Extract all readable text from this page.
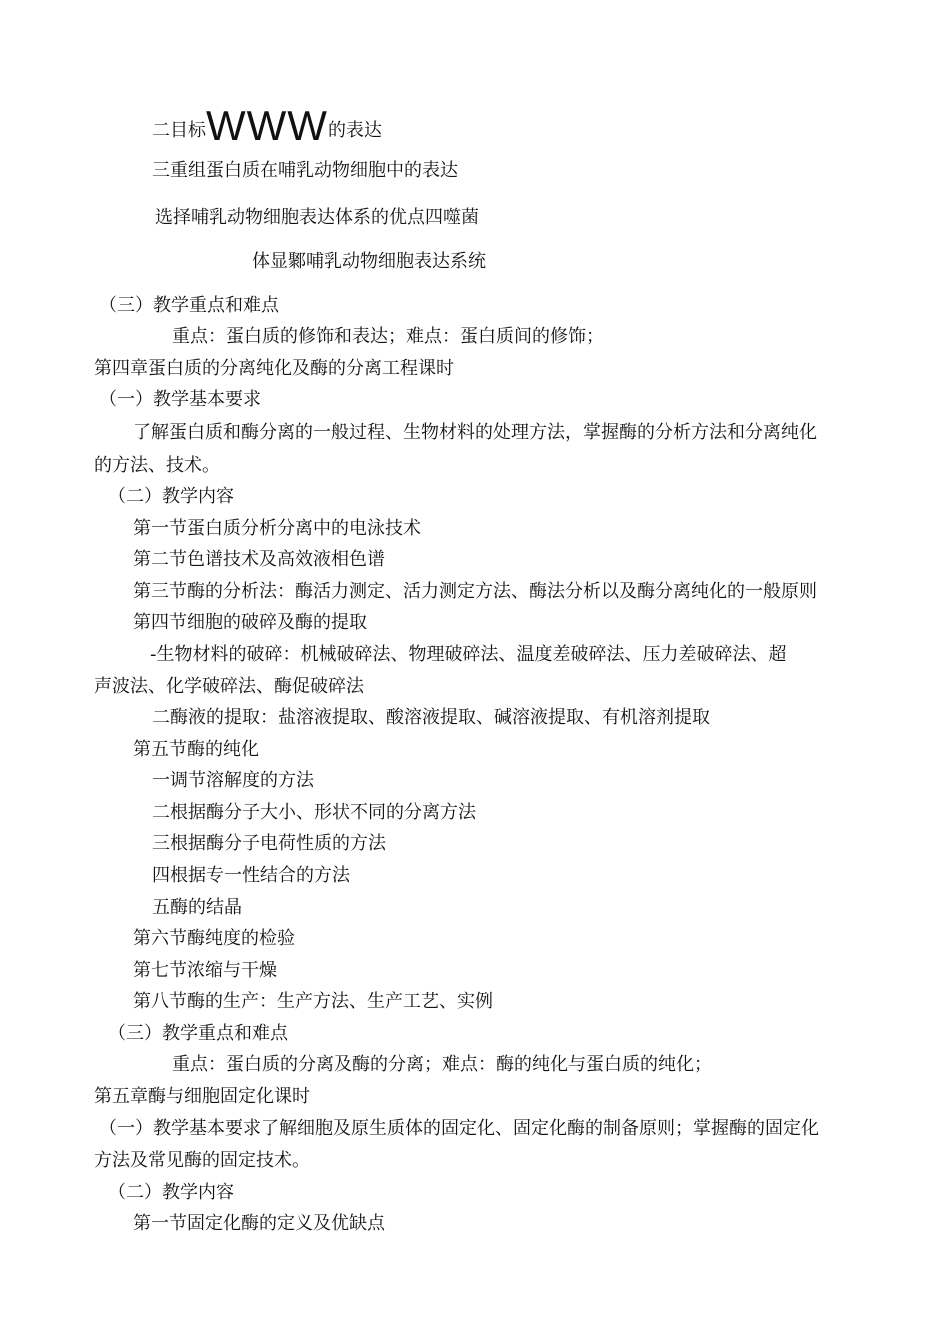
二目标WWW的表达
三重组蛋白质在哺乳动物细胞中的表达
选择哺乳动物细胞表达体系的优点四噬菌
体显鄹哺乳动物细胞表达系统
（三）教学重点和难点
重点：蛋白质的修饰和表达；难点：蛋白质间的修饰；
第四章蛋白质的分离纯化及酶的分离工程课时
（一）教学基本要求
了解蛋白质和酶分离的一般过程、生物材料的处理方法，掌握酶的分析方法和分离纯化
的方法、技术。
（二）教学内容
第一节蛋白质分析分离中的电泳技术
第二节色谱技术及高效液相色谱
第三节酶的分析法：酶活力测定、活力测定方法、酶法分析以及酶分离纯化的一般原则
第四节细胞的破碎及酶的提取
-生物材料的破碎：机械破碎法、物理破碎法、温度差破碎法、压力差破碎法、超
声波法、化学破碎法、酶促破碎法
二酶液的提取：盐溶液提取、酸溶液提取、碱溶液提取、有机溶剂提取
第五节酶的纯化
一调节溶解度的方法
二根据酶分子大小、形状不同的分离方法
三根据酶分子电荷性质的方法
四根据专一性结合的方法
五酶的结晶
第六节酶纯度的检验
第七节浓缩与干燥
第八节酶的生产：生产方法、生产工艺、实例
（三）教学重点和难点
重点：蛋白质的分离及酶的分离；难点：酶的纯化与蛋白质的纯化；
第五章酶与细胞固定化课时
（一）教学基本要求了解细胞及原生质体的固定化、固定化酶的制备原则；掌握酶的固定化
方法及常见酶的固定技术。
（二）教学内容
第一节固定化酶的定义及优缺点
